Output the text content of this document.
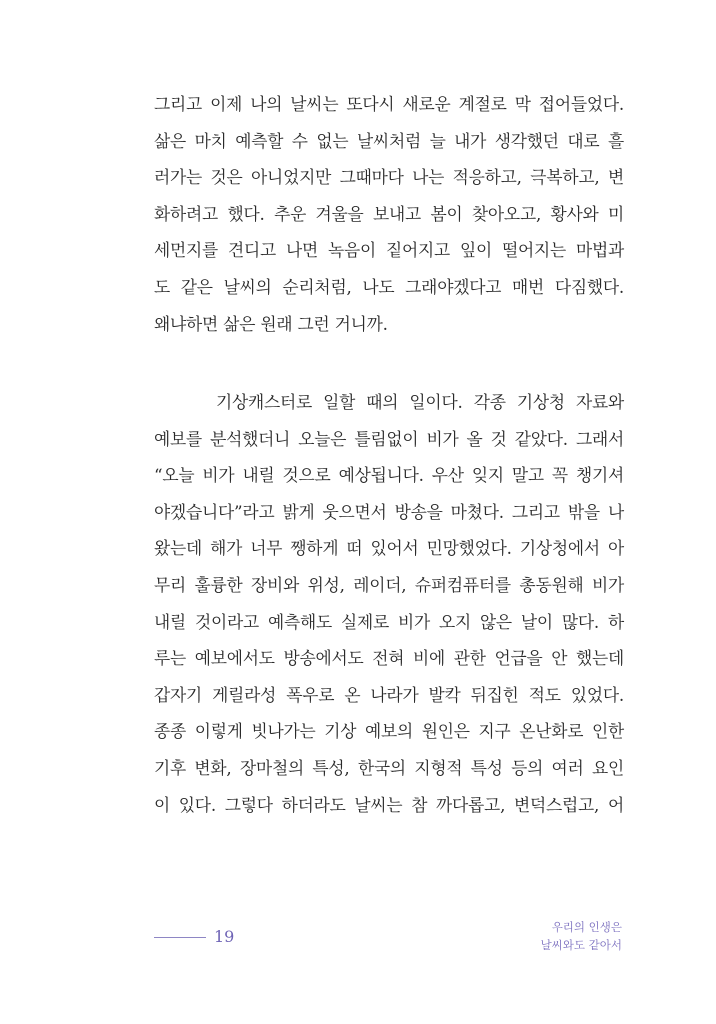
그리고 이제 나의 날씨는 또다시 새로운 계절로 막 접어들었다.
삶은 마치 예측할 수 없는 날씨처럼 늘 내가 생각했던 대로 흘
러가는 것은 아니었지만 그때마다 나는 적응하고, 극복하고, 변
화하려고 했다. 추운 겨울을 보내고 봄이 찾아오고, 황사와 미
세먼지를 견디고 나면 녹음이 짙어지고 잎이 떨어지는 마법과
도 같은 날씨의 순리처럼, 나도 그래야겠다고 매번 다짐했다.
왜냐하면 삶은 원래 그런 거니까.
기상캐스터로 일할 때의 일이다. 각종 기상청 자료와
예보를 분석했더니 오늘은 틀림없이 비가 올 것 같았다. 그래서
“오늘 비가 내릴 것으로 예상됩니다. 우산 잊지 말고 꼭 챙기셔
야겠습니다”라고 밝게 웃으면서 방송을 마쳤다. 그리고 밖을 나
왔는데 해가 너무 쨍하게 떠 있어서 민망했었다. 기상청에서 아
무리 훌륭한 장비와 위성, 레이더, 슈퍼컴퓨터를 총동원해 비가
내릴 것이라고 예측해도 실제로 비가 오지 않은 날이 많다. 하
루는 예보에서도 방송에서도 전혀 비에 관한 언급을 안 했는데
갑자기 게릴라성 폭우로 온 나라가 발칵 뒤집힌 적도 있었다.
종종 이렇게 빗나가는 기상 예보의 원인은 지구 온난화로 인한
기후 변화, 장마철의 특성, 한국의 지형적 특성 등의 여러 요인
이 있다. 그렇다 하더라도 날씨는 참 까다롭고, 변덕스럽고, 어
19	우리의 인생은
날씨와도 같아서
